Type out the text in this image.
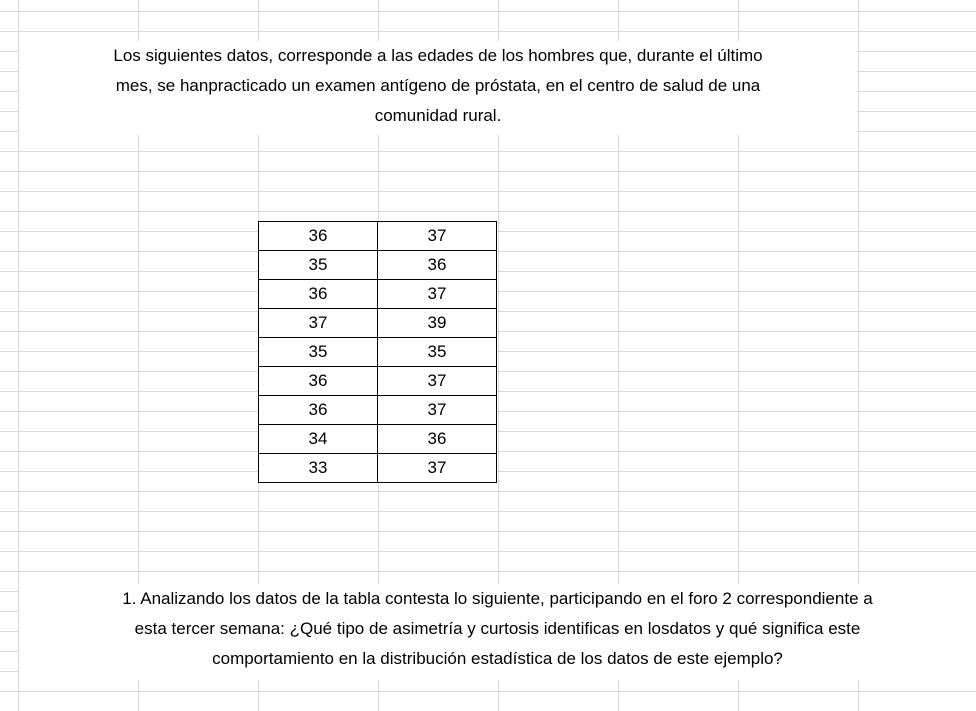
Los siguientes datos, corresponde a las edades de los hombres que, durante el último
mes, se hanpracticado un examen antígeno de próstata, en el centro de salud de una
comunidad rural.
36	37
35	36
36	37
37	39
35	35
36	37
36	37
34	36
33	37
1. Analizando los datos de la tabla contesta lo siguiente, participando en el foro 2 correspondiente a
esta tercer semana: ¿Qué tipo de asimetría y curtosis identificas en losdatos y qué significa este
comportamiento en la distribución estadística de los datos de este ejemplo?
